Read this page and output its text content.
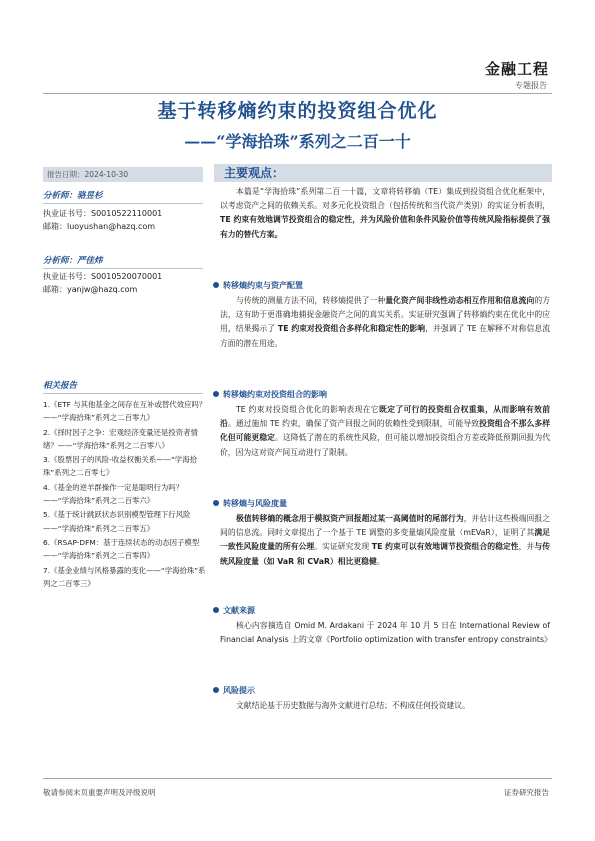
金融工程
专题报告
基于转移熵约束的投资组合优化
——“学海拾珠”系列之二百一十
报告日期：2024-10-30
分析师：骆昱杉
执业证书号：S0010522110001
邮箱：luoyushan@hazq.com
分析师：严佳炜
执业证书号：S0010520070001
邮箱：yanjw@hazq.com
相关报告
1.《ETF 与其他基金之间存在互补或替代效应吗？——“学海拾珠”系列之二百零九》
2.《择时因子之争：宏观经济变量还是投资者情绪？——“学海拾珠”系列之二百零八》
3.《股票因子的风险-收益权衡关系——“学海拾珠”系列之二百零七》
4.《基金的逆羊群操作一定是聪明行为吗？——“学海拾珠”系列之二百零六》
5.《基于统计跳跃状态识别模型管理下行风险——“学海拾珠”系列之二百零五》
6.《RSAP-DFM：基于连续状态的动态因子模型——“学海拾珠”系列之二百零四》
7.《基金业绩与风格暴露的变化——“学海拾珠”系列之二百零三》
主要观点：

本篇是“学海拾珠”系列第二百一十篇，文章将转移熵（TE）集成到投资组合优化框架中，以考虑资产之间的依赖关系。对多元化投资组合（包括传统和当代资产类别）的实证分析表明，TE 约束有效地调节投资组合的稳定性，并为风险价值和条件风险价值等传统风险指标提供了强有力的替代方案。

转移熵约束与资产配置

与传统的测量方法不同，转移熵提供了一种量化资产间非线性动态相互作用和信息流向的方法，这有助于更准确地捕捉金融资产之间的真实关系。实证研究强调了转移熵约束在优化中的应用，结果揭示了 TE 约束对投资组合多样化和稳定性的影响，并强调了 TE 在解释不对称信息流方面的潜在用途。

转移熵约束对投资组合的影响

TE 约束对投资组合优化的影响表现在它既定了可行的投资组合权重集，从而影响有效前沿。通过施加 TE 约束，确保了资产回报之间的依赖性受到限制，可能导致投资组合不那么多样化但可能更稳定。这降低了潜在的系统性风险，但可能以增加投资组合方差或降低预期回报为代价，因为这对资产间互动进行了限制。

转移熵与风险度量

极值转移熵的概念用于模拟资产回报超过某一高阈值时的尾部行为，并估计这些极端回报之间的信息流。同时文章提出了一个基于 TE 调整的多变量熵风险度量（mEVaR），证明了其满足一致性风险度量的所有公理。实证研究发现 TE 约束可以有效地调节投资组合的稳定性，并与传统风险度量（如 VaR 和 CVaR）相比更稳健。

文献来源

核心内容摘选自 Omid M. Ardakani 于 2024 年 10 月 5 日在 International Review of Financial Analysis 上的文章《Portfolio optimization with transfer entropy constraints》

风险提示

文献结论基于历史数据与海外文献进行总结；不构成任何投资建议。

敬请参阅末页重要声明及评级说明	证券研究报告
